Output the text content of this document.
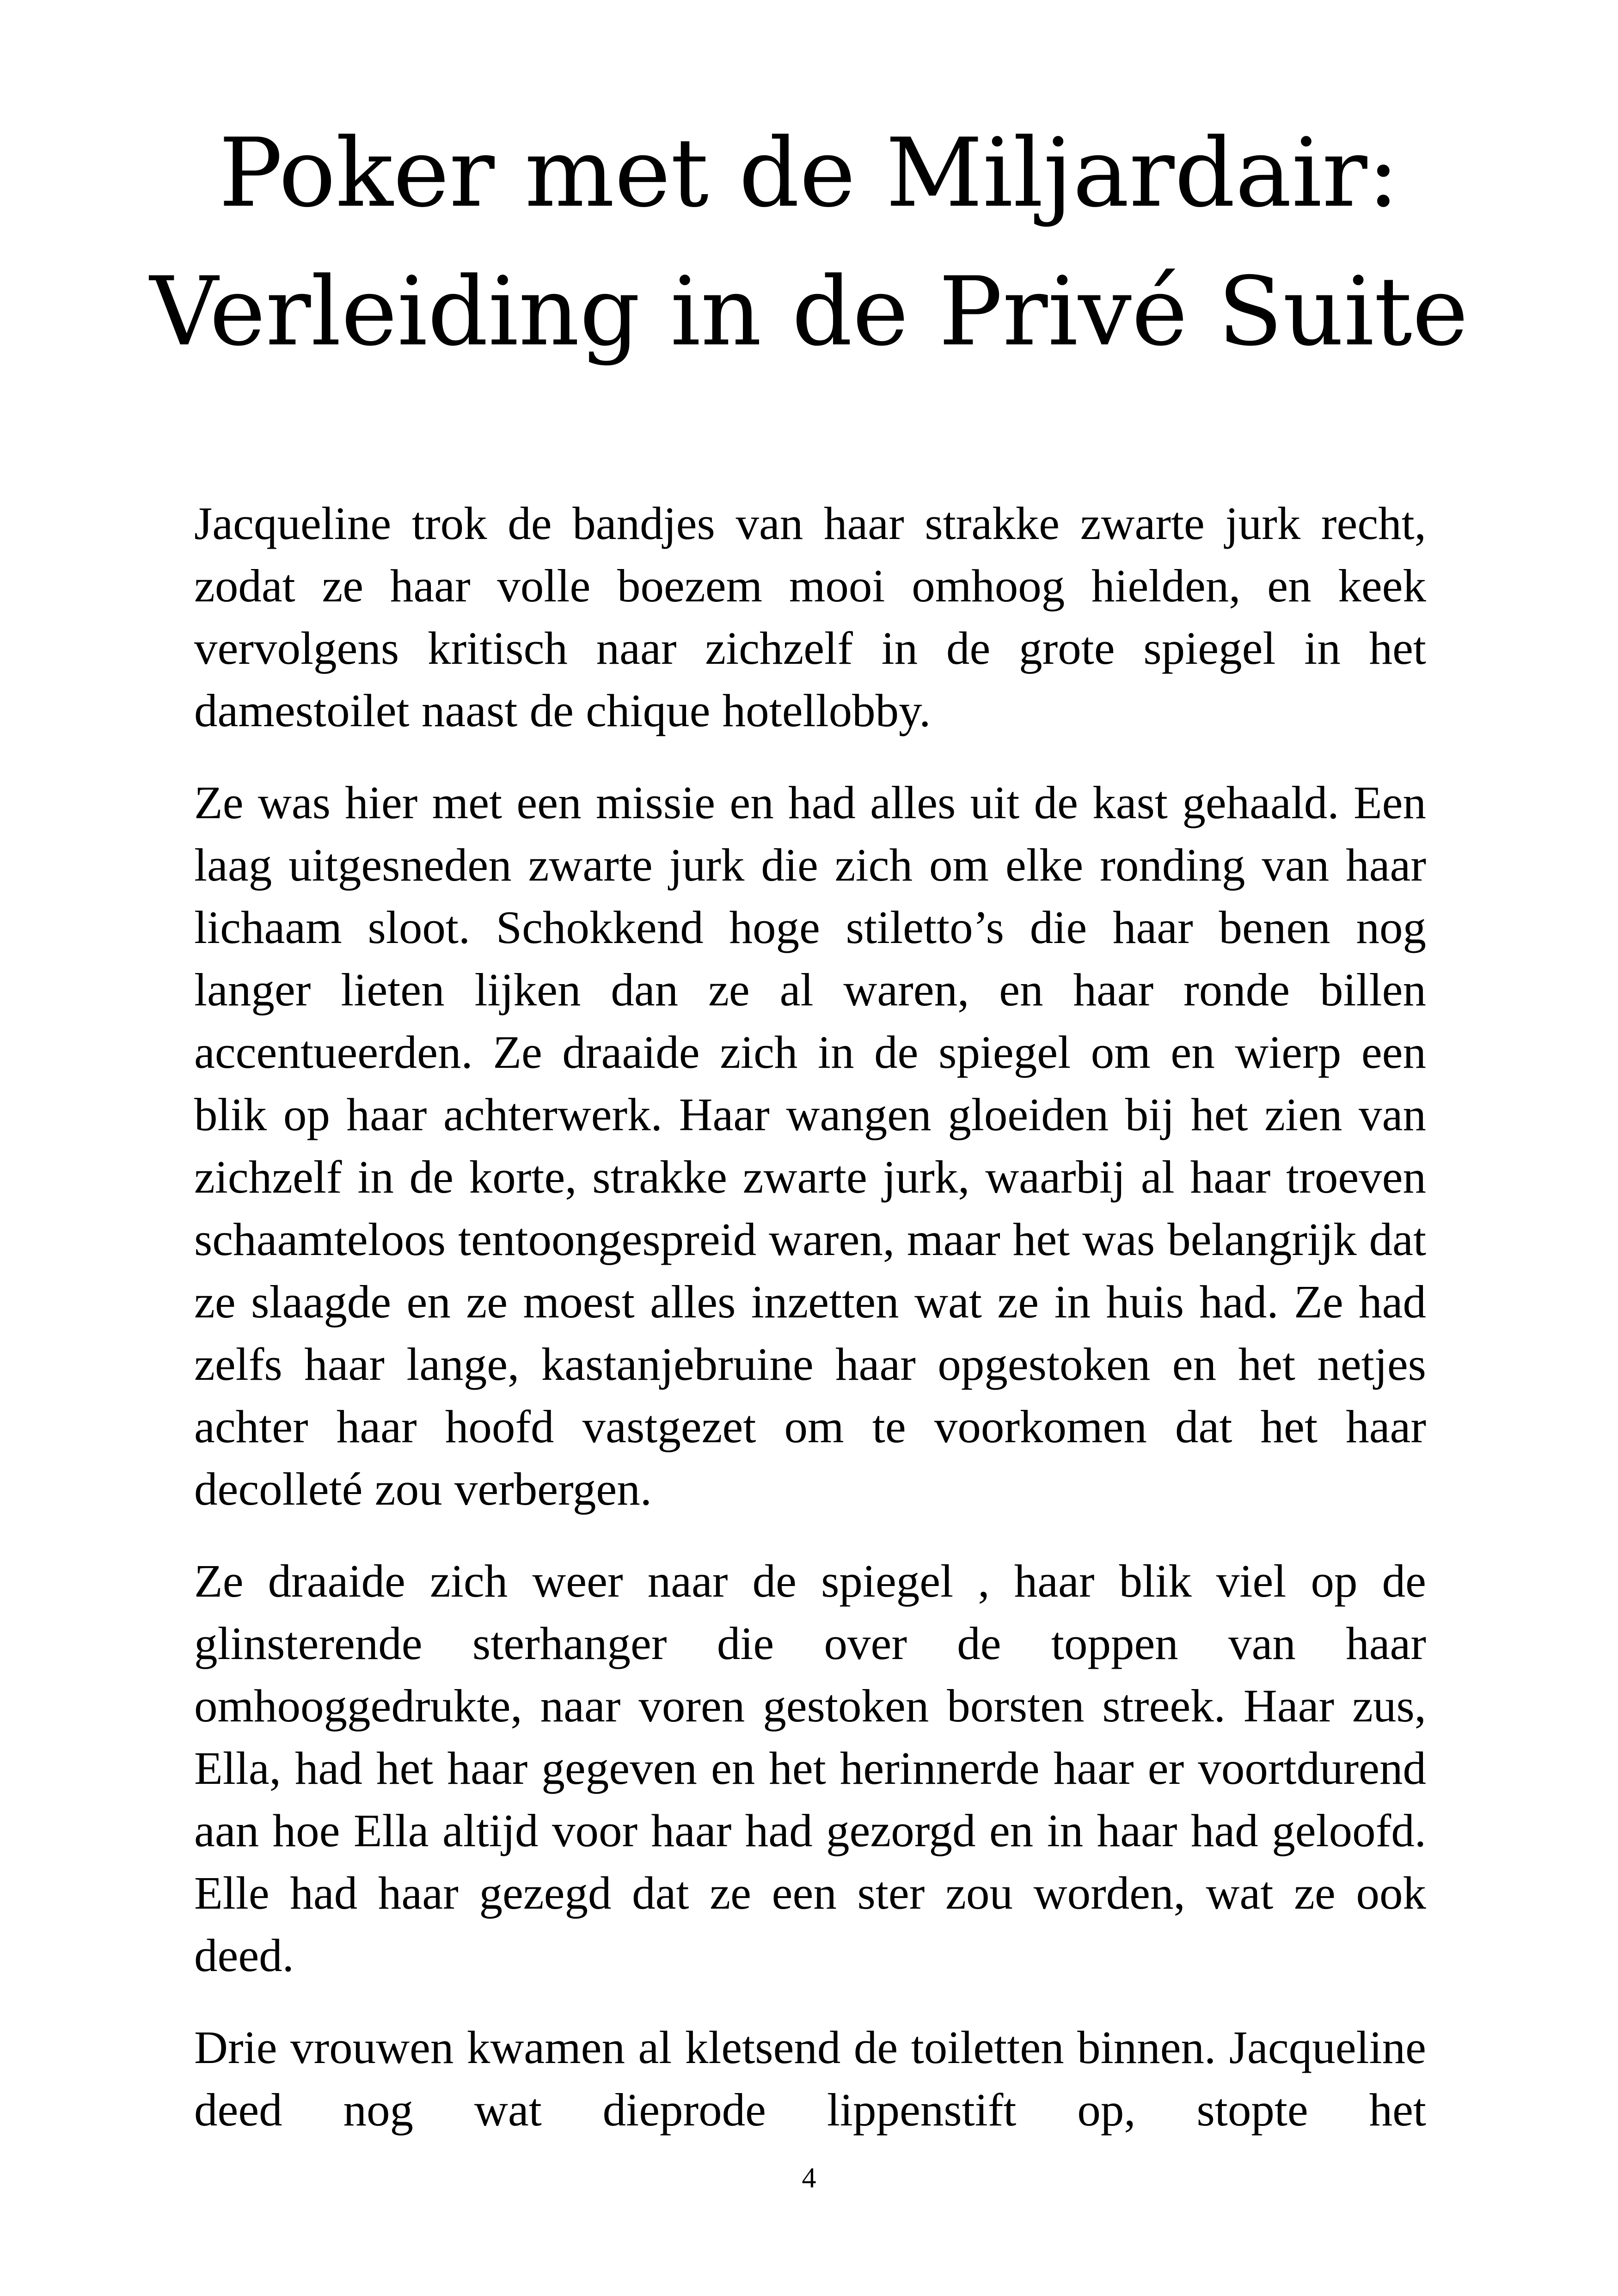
Poker met de Miljardair:
Verleiding in de Privé Suite

Jacqueline trok de bandjes van haar strakke zwarte jurk recht, zodat ze haar volle boezem mooi omhoog hielden, en keek vervolgens kritisch naar zichzelf in de grote spiegel in het damestoilet naast de chique hotellobby.

Ze was hier met een missie en had alles uit de kast gehaald. Een laag uitgesneden zwarte jurk die zich om elke ronding van haar lichaam sloot. Schokkend hoge stiletto’s die haar benen nog langer lieten lijken dan ze al waren, en haar ronde billen accentueerden. Ze draaide zich in de spiegel om en wierp een blik op haar achterwerk. Haar wangen gloeiden bij het zien van zichzelf in de korte, strakke zwarte jurk, waarbij al haar troeven schaamteloos tentoongespreid waren, maar het was belangrijk dat ze slaagde en ze moest alles inzetten wat ze in huis had. Ze had zelfs haar lange, kastanjebruine haar opgestoken en het netjes achter haar hoofd vastgezet om te voorkomen dat het haar decolleté zou verbergen.

Ze draaide zich weer naar de spiegel , haar blik viel op de glinsterende sterhanger die over de toppen van haar omhooggedrukte, naar voren gestoken borsten streek. Haar zus, Ella, had het haar gegeven en het herinnerde haar er voortdurend aan hoe Ella altijd voor haar had gezorgd en in haar had geloofd. Elle had haar gezegd dat ze een ster zou worden, wat ze ook deed.

Drie vrouwen kwamen al kletsend de toiletten binnen. Jacqueline deed nog wat dieprode lippenstift op, stopte het

4
